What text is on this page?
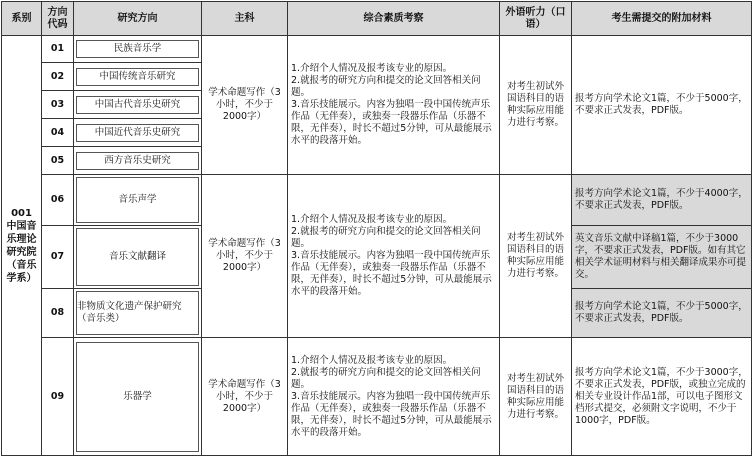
系别	方向代码	研究方向	主科	综合素质考察	外语听力（口语）	考生需提交的附加材料
001
中国音乐理论研究院（音乐学系）	01	民族音乐学	学术命题写作（3小时，不少于2000字）	1.介绍个人情况及报考该专业的原因。
2.就报考的研究方向和提交的论文回答相关问题。
3.音乐技能展示。内容为独唱一段中国传统声乐作品（无伴奏），或独奏一段器乐作品（乐器不限，无伴奏），时长不超过5分钟，可从最能展示水平的段落开始。	对考生初试外国语科目的语种实际应用能力进行考察。	报考方向学术论文1篇，不少于5000字，不要求正式发表，PDF版。
	02	中国传统音乐研究				

	03	中国古代音乐史研究				

	04	中国近代音乐史研究				

	05	西方音乐史研究				

	06	音乐声学	学术命题写作（3小时，不少于2000字）	1.介绍个人情况及报考该专业的原因。
2.就报考的研究方向和提交的论文回答相关问题。
3.音乐技能展示。内容为独唱一段中国传统声乐作品（无伴奏），或独奏一段器乐作品（乐器不限，无伴奏），时长不超过5分钟，可从最能展示水平的段落开始。	对考生初试外国语科目的语种实际应用能力进行考察。	报考方向学术论文1篇，不少于4000字，不要求正式发表，PDF版。
	07	音乐文献翻译				英文音乐文献中译稿1篇，不少于3000字，不要求正式发表，PDF版。如有其它相关学术证明材料与相关翻译成果亦可提交。
	08	非物质文化遗产保护研究（音乐类）				报考方向学术论文1篇，不少于5000字，不要求正式发表，PDF版。
	09	乐器学	学术命题写作（3小时，不少于2000字）	1.介绍个人情况及报考该专业的原因。
2.就报考的研究方向和提交的论文回答相关问题。
3.音乐技能展示。内容为独唱一段中国传统声乐作品（无伴奏），或独奏一段器乐作品（乐器不限，无伴奏），时长不超过5分钟，可从最能展示水平的段落开始。	对考生初试外国语科目的语种实际应用能力进行考察。	报考方向学术论文1篇，不少于3000字，不要求正式发表，PDF版，或独立完成的相关专业设计作品1部，可以电子图形文档形式提交，必须附文字说明，不少于1000字，PDF版。
